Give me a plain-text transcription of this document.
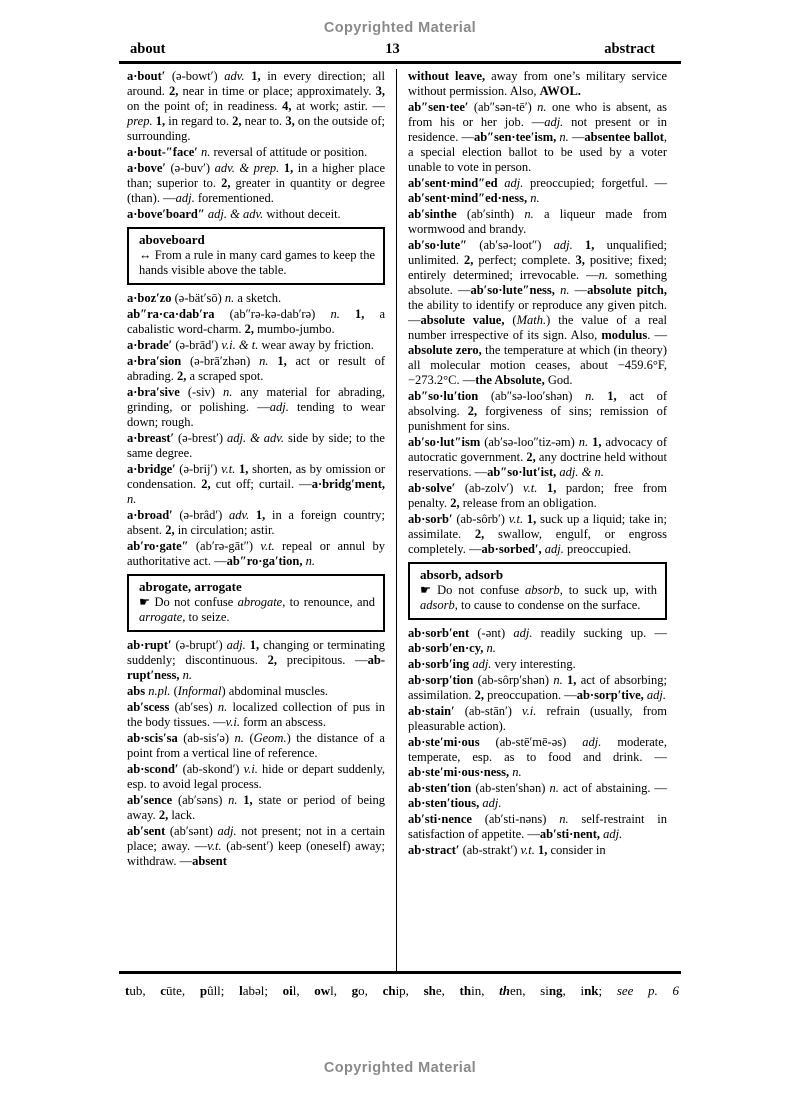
Copyrighted Material
about	13	abstract
a·bout′ (ə-bowt′) adv. 1, in every direction; all around. 2, near in time or place; approximately. 3, on the point of; in readiness. 4, at work; astir. —prep. 1, in regard to. 2, near to. 3, on the outside of; surrounding.
a·bout-″face′ n. reversal of attitude or position.
a·bove′ (ə-buv′) adv. & prep. 1, in a higher place than; superior to. 2, greater in quantity or degree (than). —adj. forementioned.
a·bove′board″ adj. & adv. without deceit.
aboveboard
↔ From a rule in many card games to keep the hands visible above the table.
a·boz′zo (ə-bät′sō) n. a sketch.
ab″ra·ca·dab′ra (ab″rə-kə-dab′rə) n. 1, a cabalistic word-charm. 2, mumbo-jumbo.
a·brade′ (ə-brād′) v.i. & t. wear away by friction.
a·bra′sion (ə-brā′zhən) n. 1, act or result of abrading. 2, a scraped spot.
a·bra′sive (-siv) n. any material for abrading, grinding, or polishing. —adj. tending to wear down; rough.
a·breast′ (ə-brest′) adj. & adv. side by side; to the same degree.
a·bridge′ (ə-brij′) v.t. 1, shorten, as by omission or condensation. 2, cut off; curtail. —a·bridg′ment, n.
a·broad′ (ə-brâd′) adv. 1, in a foreign country; absent. 2, in circulation; astir.
ab′ro·gate″ (ab′rə-gāt″) v.t. repeal or annul by authoritative act. —ab″ro·ga′tion, n.
abrogate, arrogate
☛ Do not confuse abrogate, to renounce, and arrogate, to seize.
ab·rupt′ (ə-brupt′) adj. 1, changing or terminating suddenly; discontinuous. 2, precipitous. —ab-rupt′ness, n.
abs n.pl. (Informal) abdominal muscles.
ab′scess (ab′ses) n. localized collection of pus in the body tissues. —v.i. form an abscess.
ab·scis′sa (ab-sis′ə) n. (Geom.) the distance of a point from a vertical line of reference.
ab·scond′ (ab-skond′) v.i. hide or depart suddenly, esp. to avoid legal process.
ab′sence (ab′səns) n. 1, state or period of being away. 2, lack.
ab′sent (ab′sənt) adj. not present; not in a certain place; away. —v.t. (ab-sent′) keep (oneself) away; withdraw. —absent
without leave, away from one’s military service without permission. Also, AWOL.
ab″sen·tee′ (ab″sən-tē′) n. one who is absent, as from his or her job. —adj. not present or in residence. —ab″sen·tee′ism, n. —absentee ballot, a special election ballot to be used by a voter unable to vote in person.
ab′sent·mind″ed adj. preoccupied; forgetful. —ab′sent·mind″ed·ness, n.
ab′sinthe (ab′sinth) n. a liqueur made from wormwood and brandy.
ab′so·lute″ (ab′sə-loot″) adj. 1, unqualified; unlimited. 2, perfect; complete. 3, positive; fixed; entirely determined; irrevocable. —n. something absolute. —ab′so·lute″ness, n. —absolute pitch, the ability to identify or reproduce any given pitch. —absolute value, (Math.) the value of a real number irrespective of its sign. Also, modulus. —absolute zero, the temperature at which (in theory) all molecular motion ceases, about −459.6°F, −273.2°C. —the Absolute, God.
ab″so·lu′tion (ab″sə-loo′shən) n. 1, act of absolving. 2, forgiveness of sins; remission of punishment for sins.
ab′so·lut″ism (ab′sə-loo″tiz-əm) n. 1, advocacy of autocratic government. 2, any doctrine held without reservations. —ab″so·lut′ist, adj. & n.
ab·solve′ (ab-zolv′) v.t. 1, pardon; free from penalty. 2, release from an obligation.
ab·sorb′ (ab-sôrb′) v.t. 1, suck up a liquid; take in; assimilate. 2, swallow, engulf, or engross completely. —ab·sorbed′, adj. preoccupied.
absorb, adsorb
☛ Do not confuse absorb, to suck up, with adsorb, to cause to condense on the surface.
ab·sorb′ent (-ənt) adj. readily sucking up. —ab·sorb′en·cy, n.
ab·sorb′ing adj. very interesting.
ab·sorp′tion (ab-sôrp′shən) n. 1, act of absorbing; assimilation. 2, preoccupation. —ab·sorp′tive, adj.
ab·stain′ (ab-stān′) v.i. refrain (usually, from pleasurable action).
ab·ste′mi·ous (ab-stē′mē-əs) adj. moderate, temperate, esp. as to food and drink. —ab·ste′mi·ous·ness, n.
ab·sten′tion (ab-sten′shən) n. act of abstaining. —ab·sten′tious, adj.
ab′sti·nence (ab′sti-nəns) n. self-restraint in satisfaction of appetite. —ab′sti·nent, adj.
ab·stract′ (ab-strakt′) v.t. 1, consider in
tub, cūte, pûll; labəl; oil, owl, go, chip, she, thin, then, sing, ink; see p. 6
Copyrighted Material
